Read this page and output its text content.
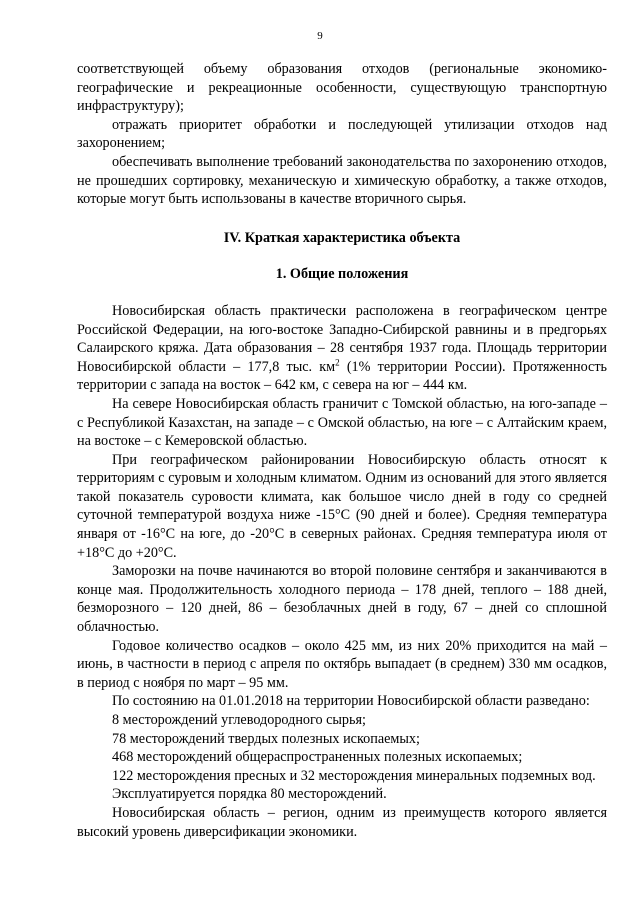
9

соответствующей объему образования отходов (региональные экономико-географические и рекреационные особенности, существующую транспортную инфраструктуру);

отражать приоритет обработки и последующей утилизации отходов над захоронением;

обеспечивать выполнение требований законодательства по захоронению отходов, не прошедших сортировку, механическую и химическую обработку, а также отходов, которые могут быть использованы в качестве вторичного сырья.

IV. Краткая характеристика объекта

1. Общие положения

Новосибирская область практически расположена в географическом центре Российской Федерации, на юго-востоке Западно-Сибирской равнины и в предгорьях Салаирского кряжа. Дата образования – 28 сентября 1937 года. Площадь территории Новосибирской области – 177,8 тыс. $км^2$ (1% территории России). Протяженность территории с запада на восток – 642 км, с севера на юг – 444 км.

На севере Новосибирская область граничит с Томской областью, на юго-западе – с Республикой Казахстан, на западе – с Омской областью, на юге – с Алтайским краем, на востоке – с Кемеровской областью.

При географическом районировании Новосибирскую область относят к территориям с суровым и холодным климатом. Одним из оснований для этого является такой показатель суровости климата, как большое число дней в году со средней суточной температурой воздуха ниже -15°С (90 дней и более). Средняя температура января от -16°С на юге, до -20°С в северных районах. Средняя температура июля от +18°С до +20°С.

Заморозки на почве начинаются во второй половине сентября и заканчиваются в конце мая. Продолжительность холодного периода – 178 дней, теплого – 188 дней, безморозного – 120 дней, 86 – безоблачных дней в году, 67 – дней со сплошной облачностью.

Годовое количество осадков – около 425 мм, из них 20% приходится на май – июнь, в частности в период с апреля по октябрь выпадает (в среднем) 330 мм осадков, в период с ноября по март – 95 мм.

По состоянию на 01.01.2018 на территории Новосибирской области разведано:

8 месторождений углеводородного сырья;

78 месторождений твердых полезных ископаемых;

468 месторождений общераспространенных полезных ископаемых;

122 месторождения пресных и 32 месторождения минеральных подземных вод.

Эксплуатируется порядка 80 месторождений.

Новосибирская область – регион, одним из преимуществ которого является высокий уровень диверсификации экономики.
